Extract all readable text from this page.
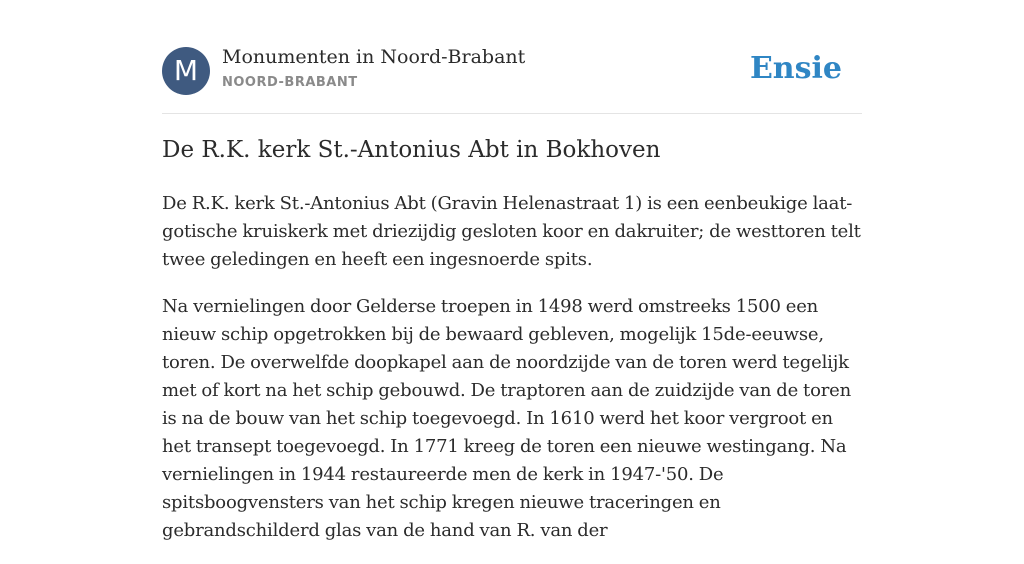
M	Monumenten in Noord-Brabant
NOORD-BRABANT	Ensie
De R.K. kerk St.-Antonius Abt in Bokhoven

De R.K. kerk St.-Antonius Abt (Gravin Helenastraat 1) is een eenbeukige laat-gotische kruiskerk met driezijdig gesloten koor en dakruiter; de westtoren telt twee geledingen en heeft een ingesnoerde spits.

Na vernielingen door Gelderse troepen in 1498 werd omstreeks 1500 een nieuw schip opgetrokken bij de bewaard gebleven, mogelijk 15de-eeuwse, toren. De overwelfde doopkapel aan de noordzijde van de toren werd tegelijk met of kort na het schip gebouwd. De traptoren aan de zuidzijde van de toren is na de bouw van het schip toegevoegd. In 1610 werd het koor vergroot en het transept toegevoegd. In 1771 kreeg de toren een nieuwe westingang. Na vernielingen in 1944 restaureerde men de kerk in 1947-'50. De spitsboogvensters van het schip kregen nieuwe traceringen en gebrandschilderd glas van de hand van R. van der
